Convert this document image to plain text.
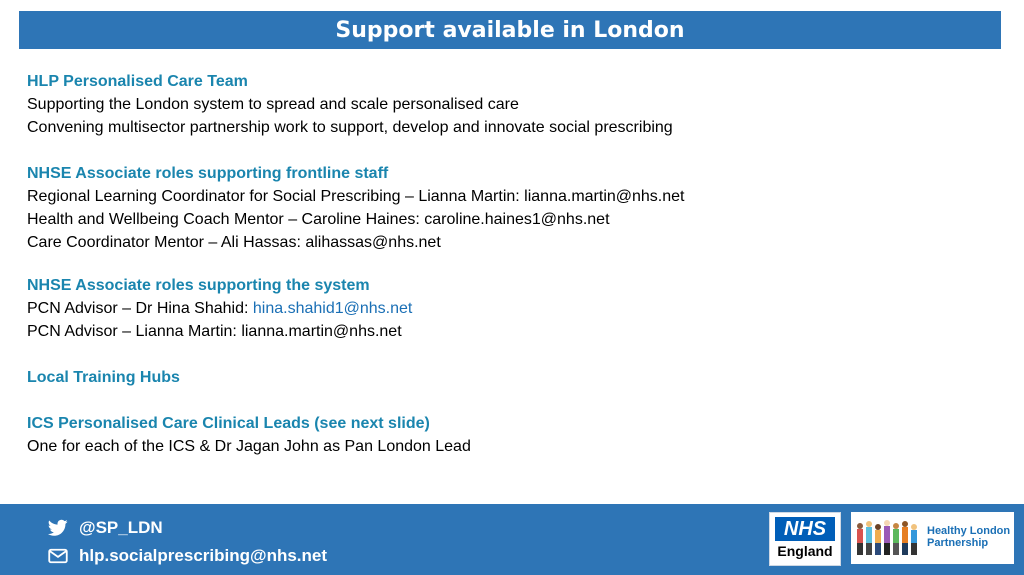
Support available in London
HLP Personalised Care Team
Supporting the London system to spread and scale personalised care
Convening multisector partnership work to support, develop and innovate social prescribing
NHSE Associate roles supporting frontline staff
Regional Learning Coordinator for Social Prescribing – Lianna Martin: lianna.martin@nhs.net
Health and Wellbeing Coach Mentor – Caroline Haines: caroline.haines1@nhs.net
Care Coordinator Mentor – Ali Hassas: alihassas@nhs.net
NHSE Associate roles supporting the system
PCN Advisor – Dr Hina Shahid: hina.shahid1@nhs.net
PCN Advisor – Lianna Martin: lianna.martin@nhs.net
Local Training Hubs
ICS Personalised Care Clinical Leads (see next slide)
One for each of the ICS & Dr Jagan John as Pan London Lead
@SP_LDN
hlp.socialprescribing@nhs.net
NHS
England
Healthy London Partnership
